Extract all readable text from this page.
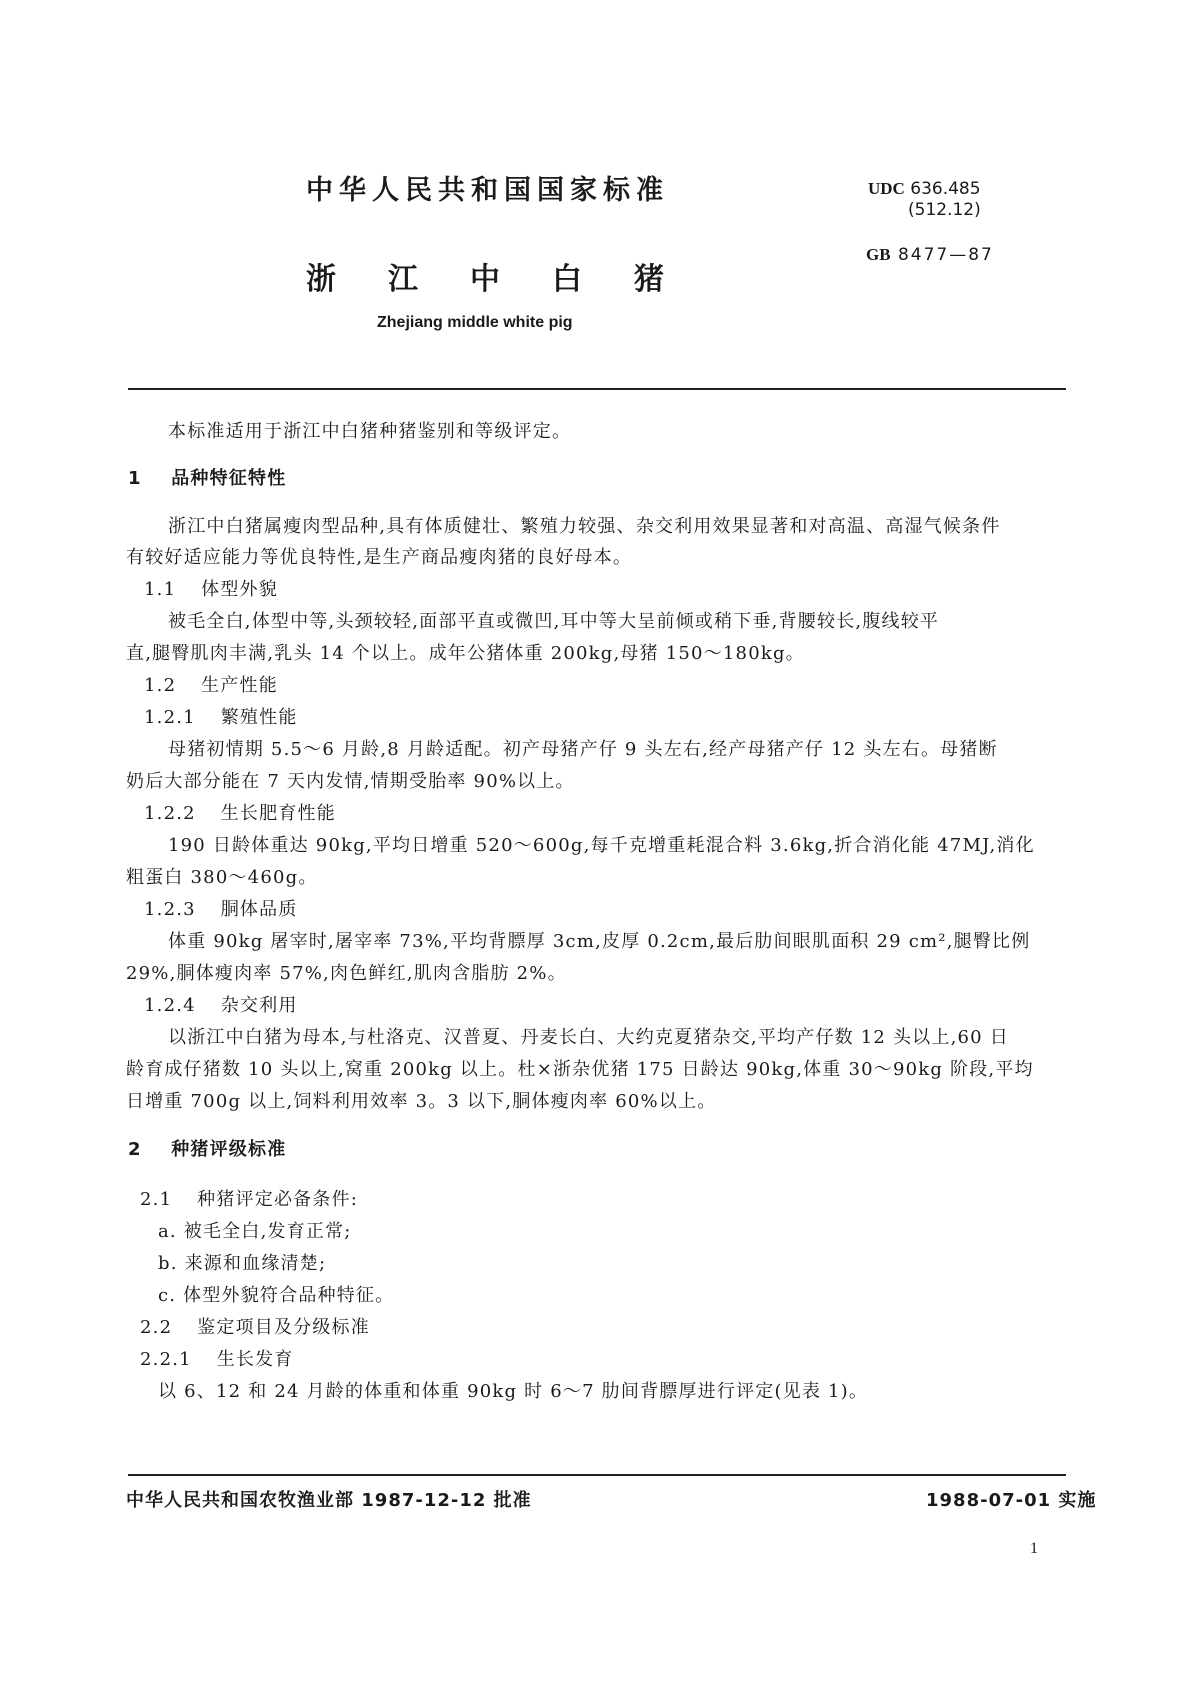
中华人民共和国国家标准
浙江中白猪
Zhejiang middle white pig
UDC 636.485
(512.12)
GB 8477—87
本标准适用于浙江中白猪种猪鉴别和等级评定。
1 品种特征特性
浙江中白猪属瘦肉型品种,具有体质健壮、繁殖力较强、杂交利用效果显著和对高温、高湿气候条件
有较好适应能力等优良特性,是生产商品瘦肉猪的良好母本。
1.1 体型外貌
被毛全白,体型中等,头颈较轻,面部平直或微凹,耳中等大呈前倾或稍下垂,背腰较长,腹线较平
直,腿臀肌肉丰满,乳头 14 个以上。成年公猪体重 200kg,母猪 150～180kg。
1.2 生产性能
1.2.1 繁殖性能
母猪初情期 5.5～6 月龄,8 月龄适配。初产母猪产仔 9 头左右,经产母猪产仔 12 头左右。母猪断
奶后大部分能在 7 天内发情,情期受胎率 90%以上。
1.2.2 生长肥育性能
190 日龄体重达 90kg,平均日增重 520～600g,每千克增重耗混合料 3.6kg,折合消化能 47MJ,消化
粗蛋白 380～460g。
1.2.3 胴体品质
体重 90kg 屠宰时,屠宰率 73%,平均背膘厚 3cm,皮厚 0.2cm,最后肋间眼肌面积 29 cm²,腿臀比例
29%,胴体瘦肉率 57%,肉色鲜红,肌肉含脂肪 2%。
1.2.4 杂交利用
以浙江中白猪为母本,与杜洛克、汉普夏、丹麦长白、大约克夏猪杂交,平均产仔数 12 头以上,60 日
龄育成仔猪数 10 头以上,窝重 200kg 以上。杜×浙杂优猪 175 日龄达 90kg,体重 30～90kg 阶段,平均
日增重 700g 以上,饲料利用效率 3。3 以下,胴体瘦肉率 60%以上。
2 种猪评级标准
2.1 种猪评定必备条件:
a. 被毛全白,发育正常;
b. 来源和血缘清楚;
c. 体型外貌符合品种特征。
2.2 鉴定项目及分级标准
2.2.1 生长发育
以 6、12 和 24 月龄的体重和体重 90kg 时 6～7 肋间背膘厚进行评定(见表 1)。
中华人民共和国农牧渔业部 1987-12-12 批准	1988-07-01 实施
1
